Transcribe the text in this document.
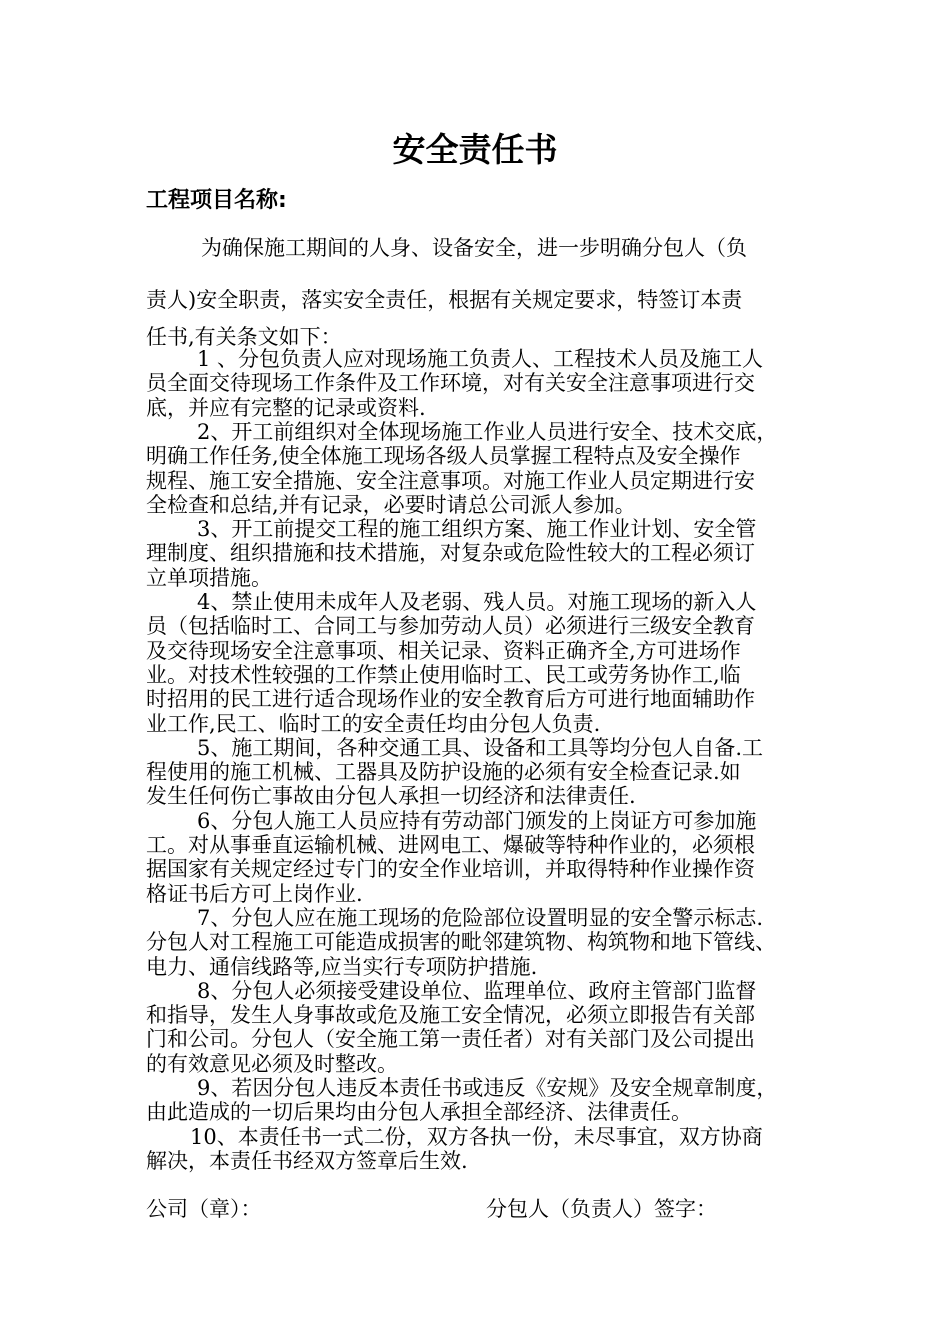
安全责任书
工程项目名称:
为确保施工期间的人身、设备安全，进一步明确分包人（负
责人)安全职责，落实安全责任，根据有关规定要求，特签订本责
任书,有关条文如下：
1 、分包负责人应对现场施工负责人、工程技术人员及施工人
员全面交待现场工作条件及工作环境，对有关安全注意事项进行交
底，并应有完整的记录或资料.
2、开工前组织对全体现场施工作业人员进行安全、技术交底，
明确工作任务,使全体施工现场各级人员掌握工程特点及安全操作
规程、施工安全措施、安全注意事项。对施工作业人员定期进行安
全检查和总结,并有记录，必要时请总公司派人参加。
3、开工前提交工程的施工组织方案、施工作业计划、安全管
理制度、组织措施和技术措施，对复杂或危险性较大的工程必须订
立单项措施。
4、禁止使用未成年人及老弱、残人员。对施工现场的新入人
员（包括临时工、合同工与参加劳动人员）必须进行三级安全教育
及交待现场安全注意事项、相关记录、资料正确齐全,方可进场作
业。对技术性较强的工作禁止使用临时工、民工或劳务协作工,临
时招用的民工进行适合现场作业的安全教育后方可进行地面辅助作
业工作,民工、临时工的安全责任均由分包人负责.
5、施工期间，各种交通工具、设备和工具等均分包人自备.工
程使用的施工机械、工器具及防护设施的必须有安全检查记录.如
发生任何伤亡事故由分包人承担一切经济和法律责任.
6、分包人施工人员应持有劳动部门颁发的上岗证方可参加施
工。对从事垂直运输机械、进网电工、爆破等特种作业的，必须根
据国家有关规定经过专门的安全作业培训，并取得特种作业操作资
格证书后方可上岗作业.
7、分包人应在施工现场的危险部位设置明显的安全警示标志.
分包人对工程施工可能造成损害的毗邻建筑物、构筑物和地下管线、
电力、通信线路等,应当实行专项防护措施.
8、分包人必须接受建设单位、监理单位、政府主管部门监督
和指导，发生人身事故或危及施工安全情况，必须立即报告有关部
门和公司。分包人（安全施工第一责任者）对有关部门及公司提出
的有效意见必须及时整改。
9、若因分包人违反本责任书或违反《安规》及安全规章制度，
由此造成的一切后果均由分包人承担全部经济、法律责任。
10、本责任书一式二份，双方各执一份，未尽事宜，双方协商
解决，本责任书经双方签章后生效.
公司（章）：	分包人（负责人）签字：
